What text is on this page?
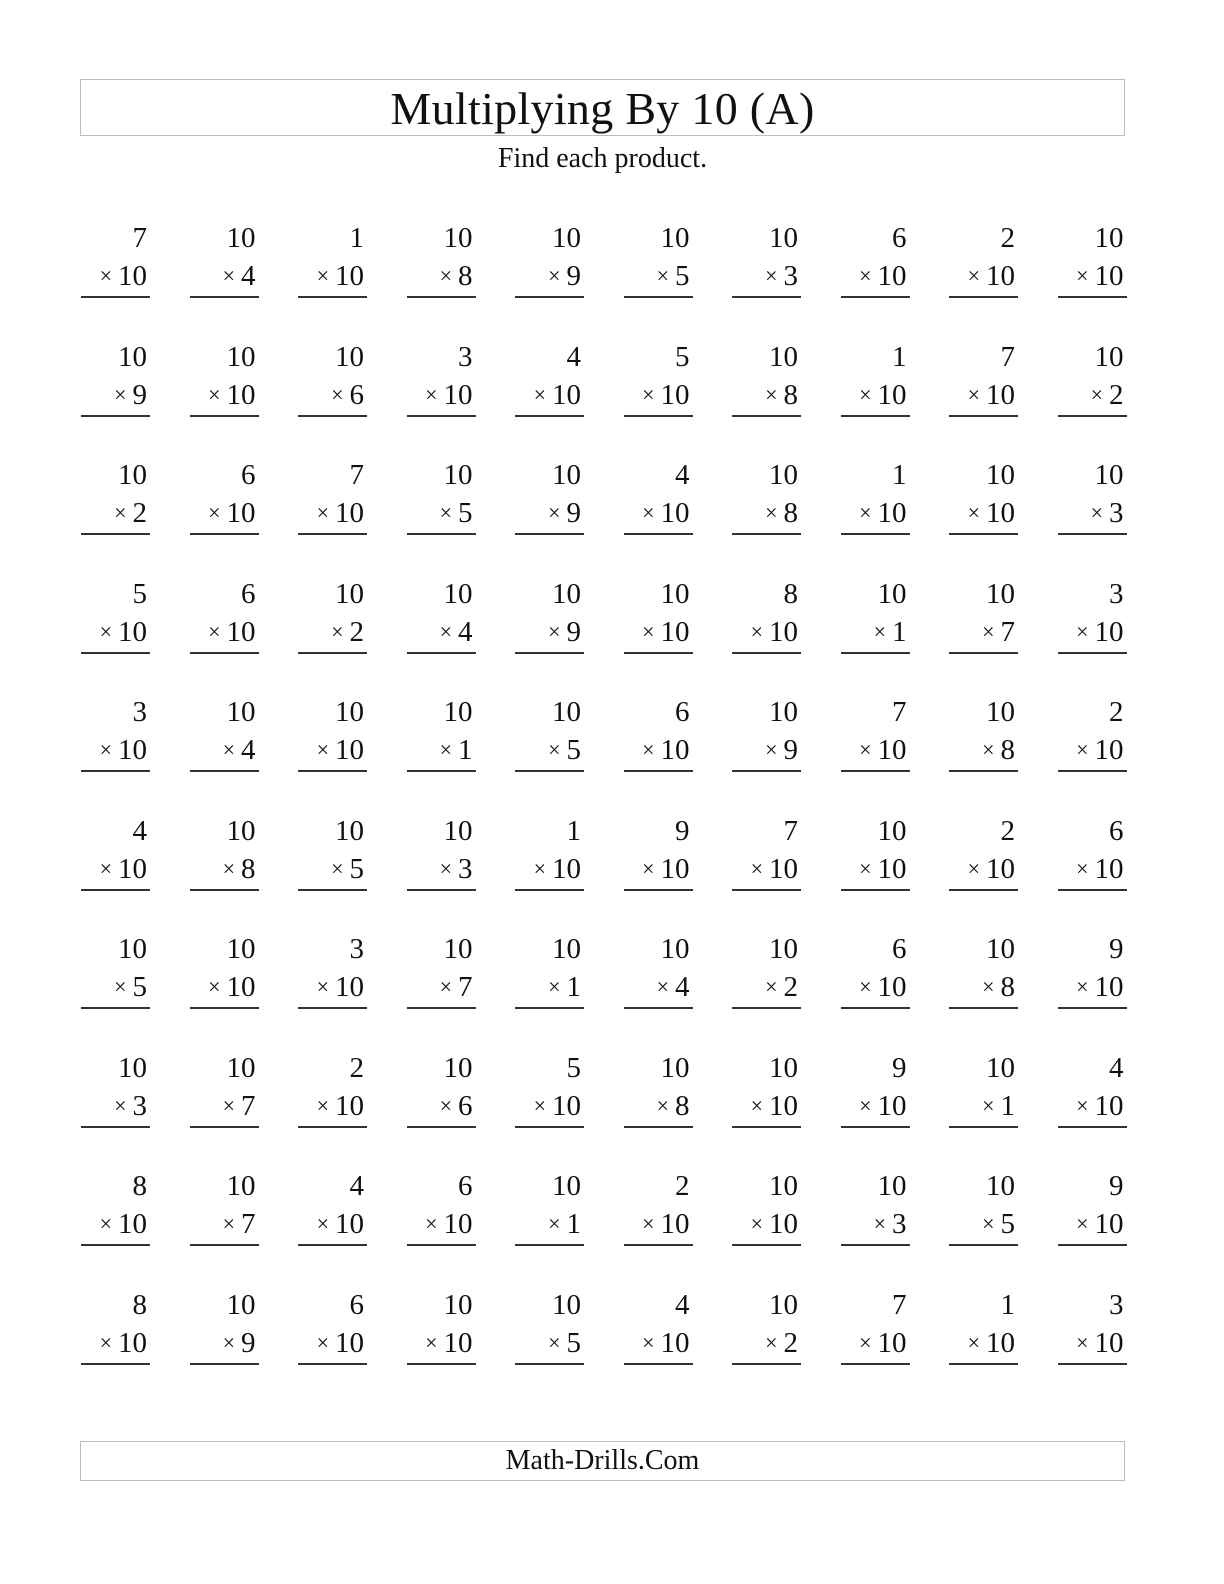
Multiplying By 10 (A)
Find each product.
7
× 10
10
× 4
1
× 10
10
× 8
10
× 9
10
× 5
10
× 3
6
× 10
2
× 10
10
× 10
10
× 9
10
× 10
10
× 6
3
× 10
4
× 10
5
× 10
10
× 8
1
× 10
7
× 10
10
× 2
10
× 2
6
× 10
7
× 10
10
× 5
10
× 9
4
× 10
10
× 8
1
× 10
10
× 10
10
× 3
5
× 10
6
× 10
10
× 2
10
× 4
10
× 9
10
× 10
8
× 10
10
× 1
10
× 7
3
× 10
3
× 10
10
× 4
10
× 10
10
× 1
10
× 5
6
× 10
10
× 9
7
× 10
10
× 8
2
× 10
4
× 10
10
× 8
10
× 5
10
× 3
1
× 10
9
× 10
7
× 10
10
× 10
2
× 10
6
× 10
10
× 5
10
× 10
3
× 10
10
× 7
10
× 1
10
× 4
10
× 2
6
× 10
10
× 8
9
× 10
10
× 3
10
× 7
2
× 10
10
× 6
5
× 10
10
× 8
10
× 10
9
× 10
10
× 1
4
× 10
8
× 10
10
× 7
4
× 10
6
× 10
10
× 1
2
× 10
10
× 10
10
× 3
10
× 5
9
× 10
8
× 10
10
× 9
6
× 10
10
× 10
10
× 5
4
× 10
10
× 2
7
× 10
1
× 10
3
× 10
Math-Drills.Com
